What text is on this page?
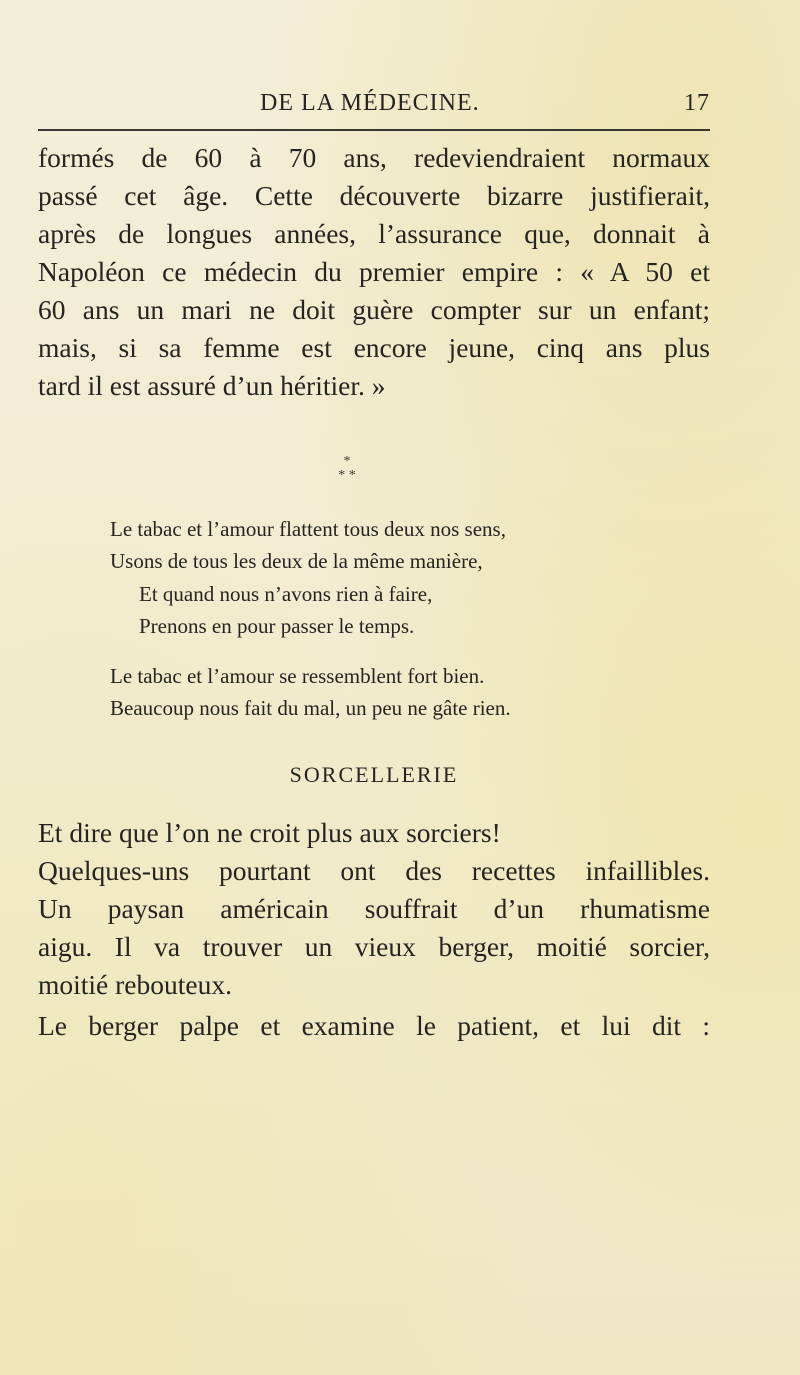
DE LA MÉDECINE.	17

formés de 60 à 70 ans, redeviendraient normaux
passé cet âge. Cette découverte bizarre justifierait,
après de longues années, l’assurance que, donnait à
Napoléon ce médecin du premier empire : « A 50 et
60 ans un mari ne doit guère compter sur un enfant;
mais, si sa femme est encore jeune, cinq ans plus
tard il est assuré d’un héritier. »

*
* *

Le tabac et l’amour flattent tous deux nos sens,

Usons de tous les deux de la même manière,

Et quand nous n’avons rien à faire,

Prenons en pour passer le temps.

Le tabac et l’amour se ressemblent fort bien.

Beaucoup nous fait du mal, un peu ne gâte rien.

SORCELLERIE

Et dire que l’on ne croit plus aux sorciers!
Quelques-uns pourtant ont des recettes infaillibles.
Un paysan américain souffrait d’un rhumatisme
aigu. Il va trouver un vieux berger, moitié sorcier,
moitié rebouteux.

Le berger palpe et examine le patient, et lui dit :
